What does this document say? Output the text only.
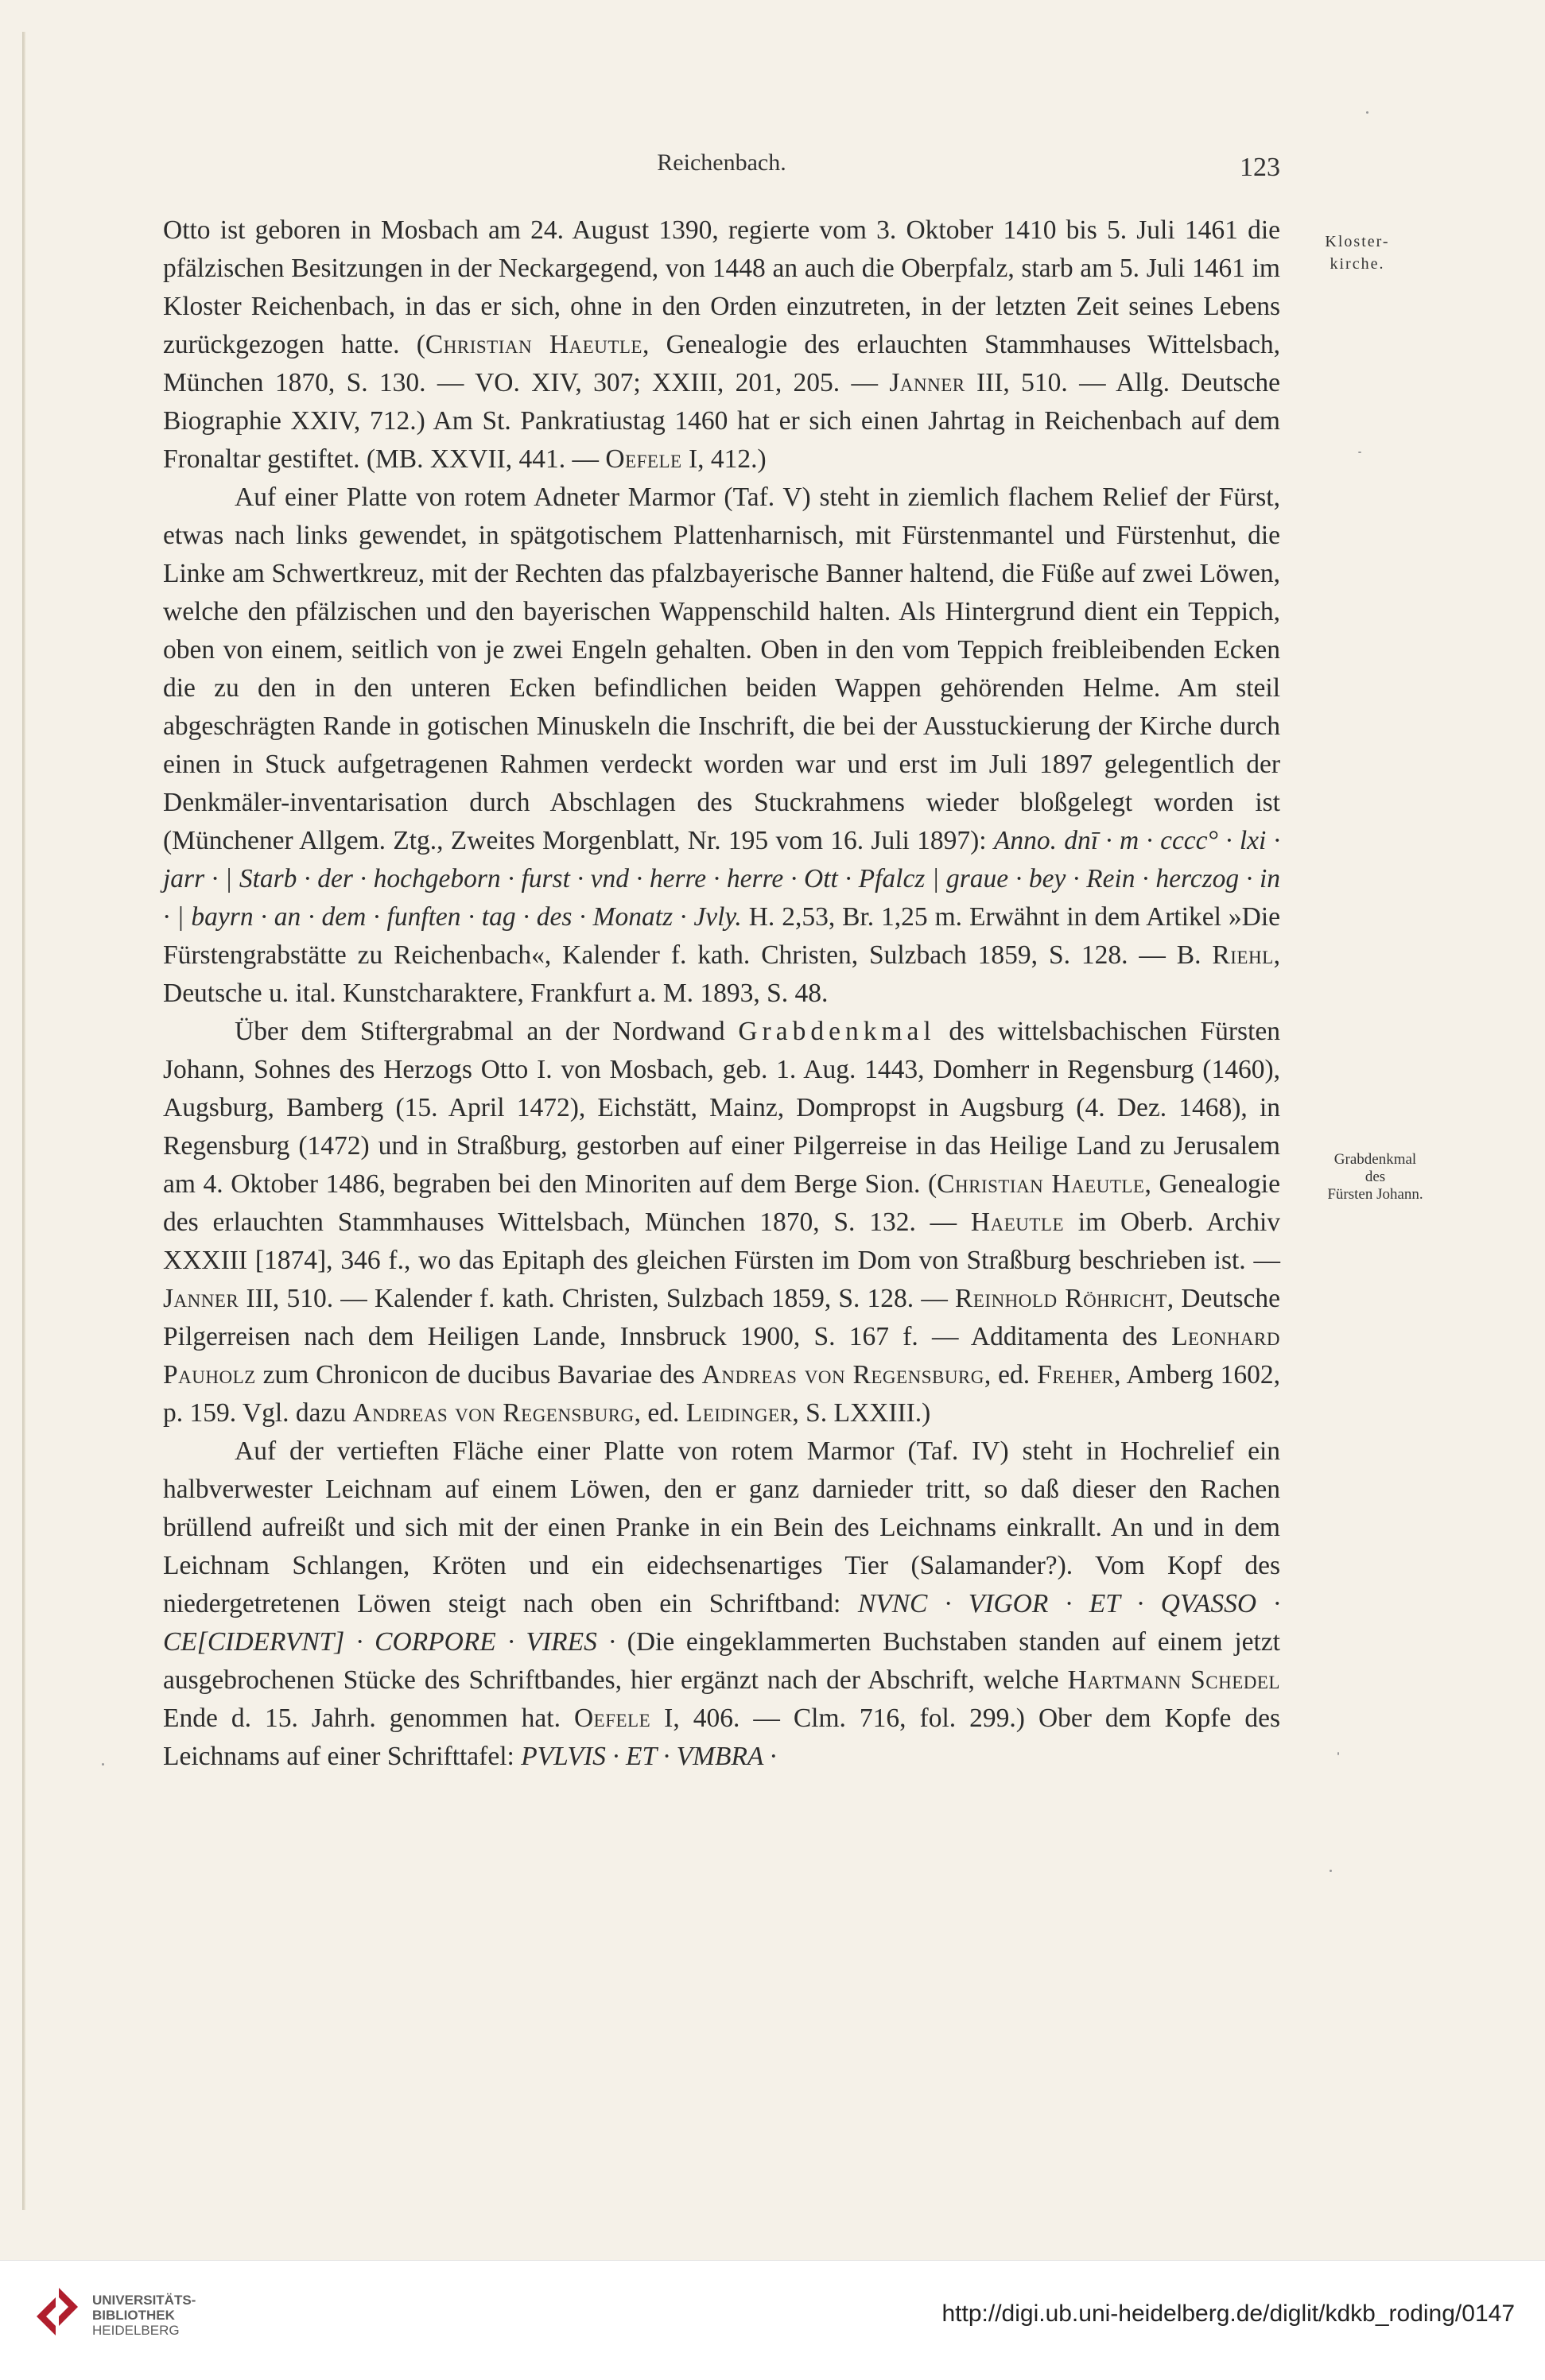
Reichenbach.	123
Kloster-
kirche.
Grabdenkmal
des
Fürsten Johann.

Otto ist geboren in Mosbach am 24. August 1390, regierte vom 3. Oktober 1410 bis 5. Juli 1461 die pfälzischen Besitzungen in der Neckargegend, von 1448 an auch die Oberpfalz, starb am 5. Juli 1461 im Kloster Reichenbach, in das er sich, ohne in den Orden einzutreten, in der letzten Zeit seines Lebens zurückgezogen hatte. (Christian Haeutle, Genealogie des erlauchten Stammhauses Wittelsbach, München 1870, S. 130. — VO. XIV, 307; XXIII, 201, 205. — Janner III, 510. — Allg. Deutsche Biographie XXIV, 712.) Am St. Pankratiustag 1460 hat er sich einen Jahrtag in Reichenbach auf dem Fronaltar gestiftet. (MB. XXVII, 441. — Oefele I, 412.)

Auf einer Platte von rotem Adneter Marmor (Taf. V) steht in ziemlich flachem Relief der Fürst, etwas nach links gewendet, in spätgotischem Plattenharnisch, mit Fürstenmantel und Fürstenhut, die Linke am Schwertkreuz, mit der Rechten das pfalzbayerische Banner haltend, die Füße auf zwei Löwen, welche den pfälzischen und den bayerischen Wappenschild halten. Als Hintergrund dient ein Teppich, oben von einem, seitlich von je zwei Engeln gehalten. Oben in den vom Teppich freibleibenden Ecken die zu den in den unteren Ecken befindlichen beiden Wappen gehörenden Helme. Am steil abgeschrägten Rande in gotischen Minuskeln die Inschrift, die bei der Ausstuckierung der Kirche durch einen in Stuck aufgetragenen Rahmen verdeckt worden war und erst im Juli 1897 gelegentlich der Denkmäler-inventarisation durch Abschlagen des Stuckrahmens wieder bloßgelegt worden ist (Münchener Allgem. Ztg., Zweites Morgenblatt, Nr. 195 vom 16. Juli 1897): Anno. dnī · m · cccc° · lxi · jarr · | Starb · der · hochgeborn · furst · vnd · herre · herre · Ott · Pfalcz | graue · bey · Rein · herczog · in · | bayrn · an · dem · funften · tag · des · Monatz · Jvly. H. 2,53, Br. 1,25 m. Erwähnt in dem Artikel »Die Fürstengrabstätte zu Reichenbach«, Kalender f. kath. Christen, Sulzbach 1859, S. 128. — B. Riehl, Deutsche u. ital. Kunstcharaktere, Frankfurt a. M. 1893, S. 48.

Über dem Stiftergrabmal an der Nordwand Grabdenkmal des wittelsbachischen Fürsten Johann, Sohnes des Herzogs Otto I. von Mosbach, geb. 1. Aug. 1443, Domherr in Regensburg (1460), Augsburg, Bamberg (15. April 1472), Eichstätt, Mainz, Dompropst in Augsburg (4. Dez. 1468), in Regensburg (1472) und in Straßburg, gestorben auf einer Pilgerreise in das Heilige Land zu Jerusalem am 4. Oktober 1486, begraben bei den Minoriten auf dem Berge Sion. (Christian Haeutle, Genealogie des erlauchten Stammhauses Wittelsbach, München 1870, S. 132. — Haeutle im Oberb. Archiv XXXIII [1874], 346 f., wo das Epitaph des gleichen Fürsten im Dom von Straßburg beschrieben ist. — Janner III, 510. — Kalender f. kath. Christen, Sulzbach 1859, S. 128. — Reinhold Röhricht, Deutsche Pilgerreisen nach dem Heiligen Lande, Innsbruck 1900, S. 167 f. — Additamenta des Leonhard Pauholz zum Chronicon de ducibus Bavariae des Andreas von Regensburg, ed. Freher, Amberg 1602, p. 159. Vgl. dazu Andreas von Regensburg, ed. Leidinger, S. LXXIII.)

Auf der vertieften Fläche einer Platte von rotem Marmor (Taf. IV) steht in Hochrelief ein halbverwester Leichnam auf einem Löwen, den er ganz darnieder tritt, so daß dieser den Rachen brüllend aufreißt und sich mit der einen Pranke in ein Bein des Leichnams einkrallt. An und in dem Leichnam Schlangen, Kröten und ein eidechsenartiges Tier (Salamander?). Vom Kopf des niedergetretenen Löwen steigt nach oben ein Schriftband: NVNC · VIGOR · ET · QVASSO · CE[CIDERVNT] · CORPORE · VIRES · (Die eingeklammerten Buchstaben standen auf einem jetzt ausgebrochenen Stücke des Schriftbandes, hier ergänzt nach der Abschrift, welche Hartmann Schedel Ende d. 15. Jahrh. genommen hat. Oefele I, 406. — Clm. 716, fol. 299.) Ober dem Kopfe des Leichnams auf einer Schrifttafel: PVLVIS · ET · VMBRA ·

UNIVERSITÄTS-
BIBLIOTHEK
HEIDELBERG
http://digi.ub.uni-heidelberg.de/diglit/kdkb_roding/0147
